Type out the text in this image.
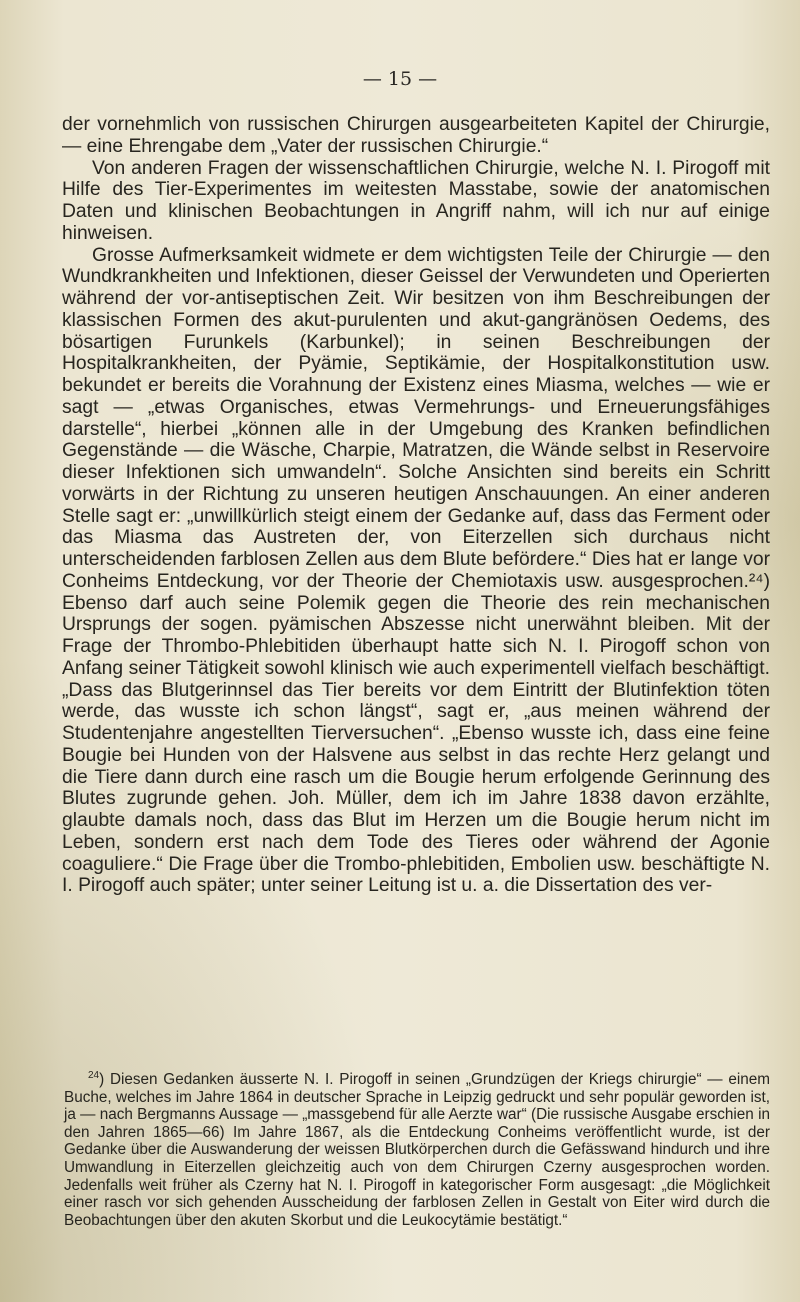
— 15 —

der vornehmlich von russischen Chirurgen ausgearbeiteten Kapitel der Chirurgie, — eine Ehrengabe dem „Vater der russischen Chirurgie.“

Von anderen Fragen der wissenschaftlichen Chirurgie, welche N. I. Pirogoff mit Hilfe des Tier-Experimentes im weitesten Masstabe, sowie der anatomischen Daten und klinischen Beobachtungen in Angriff nahm, will ich nur auf einige hinweisen.

Grosse Aufmerksamkeit widmete er dem wichtigsten Teile der Chirurgie — den Wundkrankheiten und Infektionen, dieser Geissel der Verwundeten und Operierten während der vor-antiseptischen Zeit. Wir besitzen von ihm Beschreibungen der klassischen Formen des akut-purulenten und akut-gangränösen Oedems, des bösartigen Furunkels (Karbunkel); in seinen Beschreibungen der Hospitalkrankheiten, der Pyämie, Septikämie, der Hospitalkonstitution usw. bekundet er bereits die Vorahnung der Existenz eines Miasma, welches — wie er sagt — „etwas Organisches, etwas Vermehrungs- und Erneuerungsfähiges darstelle“, hierbei „können alle in der Umgebung des Kranken befindlichen Gegenstände — die Wäsche, Charpie, Matratzen, die Wände selbst in Reservoire dieser Infektionen sich umwandeln“. Solche Ansichten sind bereits ein Schritt vorwärts in der Richtung zu unseren heutigen Anschauungen. An einer anderen Stelle sagt er: „unwillkürlich steigt einem der Gedanke auf, dass das Ferment oder das Miasma das Austreten der, von Eiterzellen sich durchaus nicht unterscheidenden farblosen Zellen aus dem Blute befördere.“ Dies hat er lange vor Conheims Entdeckung, vor der Theorie der Chemiotaxis usw. ausgesprochen.²⁴) Ebenso darf auch seine Polemik gegen die Theorie des rein mechanischen Ursprungs der sogen. pyämischen Abszesse nicht unerwähnt bleiben. Mit der Frage der Thrombo-Phlebitiden überhaupt hatte sich N. I. Pirogoff schon von Anfang seiner Tätigkeit sowohl klinisch wie auch experimentell vielfach beschäftigt. „Dass das Blutgerinnsel das Tier bereits vor dem Eintritt der Blutinfektion töten werde, das wusste ich schon längst“, sagt er, „aus meinen während der Studentenjahre angestellten Tierversuchen“. „Ebenso wusste ich, dass eine feine Bougie bei Hunden von der Halsvene aus selbst in das rechte Herz gelangt und die Tiere dann durch eine rasch um die Bougie herum erfolgende Gerinnung des Blutes zugrunde gehen. Joh. Müller, dem ich im Jahre 1838 davon erzählte, glaubte damals noch, dass das Blut im Herzen um die Bougie herum nicht im Leben, sondern erst nach dem Tode des Tieres oder während der Agonie coaguliere.“ Die Frage über die Trombo-phlebitiden, Embolien usw. beschäftigte N. I. Pirogoff auch später; unter seiner Leitung ist u. a. die Dissertation des ver-

$^{24}$) Diesen Gedanken äusserte N. I. Pirogoff in seinen „Grundzügen der Kriegs chirurgie“ — einem Buche, welches im Jahre 1864 in deutscher Sprache in Leipzig gedruckt und sehr populär geworden ist, ja — nach Bergmanns Aussage — „massgebend für alle Aerzte war“ (Die russische Ausgabe erschien in den Jahren 1865—66) Im Jahre 1867, als die Entdeckung Conheims veröffentlicht wurde, ist der Gedanke über die Auswanderung der weissen Blutkörperchen durch die Gefässwand hindurch und ihre Umwandlung in Eiterzellen gleichzeitig auch von dem Chirurgen Czerny ausgesprochen worden. Jedenfalls weit früher als Czerny hat N. I. Pirogoff in kategorischer Form ausgesagt: „die Möglichkeit einer rasch vor sich gehenden Ausscheidung der farblosen Zellen in Gestalt von Eiter wird durch die Beobachtungen über den akuten Skorbut und die Leukocytämie bestätigt.“
